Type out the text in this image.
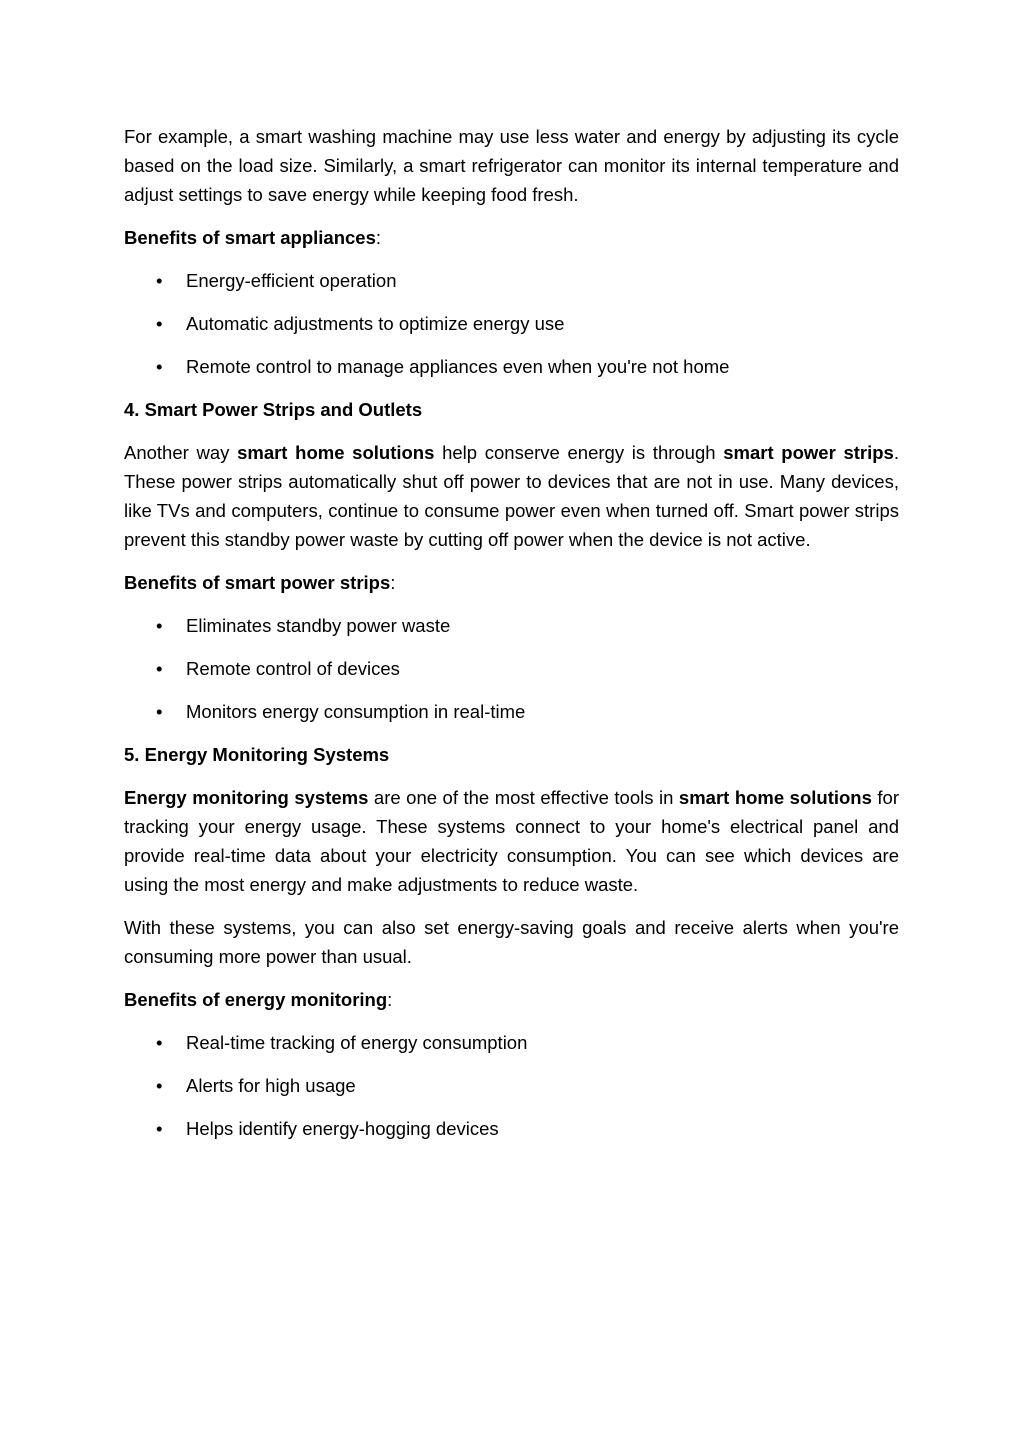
For example, a smart washing machine may use less water and energy by adjusting its cycle based on the load size. Similarly, a smart refrigerator can monitor its internal temperature and adjust settings to save energy while keeping food fresh.

Benefits of smart appliances:

• Energy-efficient operation
• Automatic adjustments to optimize energy use
• Remote control to manage appliances even when you're not home

4. Smart Power Strips and Outlets

Another way smart home solutions help conserve energy is through smart power strips. These power strips automatically shut off power to devices that are not in use. Many devices, like TVs and computers, continue to consume power even when turned off. Smart power strips prevent this standby power waste by cutting off power when the device is not active.

Benefits of smart power strips:

• Eliminates standby power waste
• Remote control of devices
• Monitors energy consumption in real-time

5. Energy Monitoring Systems

Energy monitoring systems are one of the most effective tools in smart home solutions for tracking your energy usage. These systems connect to your home's electrical panel and provide real-time data about your electricity consumption. You can see which devices are using the most energy and make adjustments to reduce waste.

With these systems, you can also set energy-saving goals and receive alerts when you're consuming more power than usual.

Benefits of energy monitoring:

• Real-time tracking of energy consumption
• Alerts for high usage
• Helps identify energy-hogging devices
